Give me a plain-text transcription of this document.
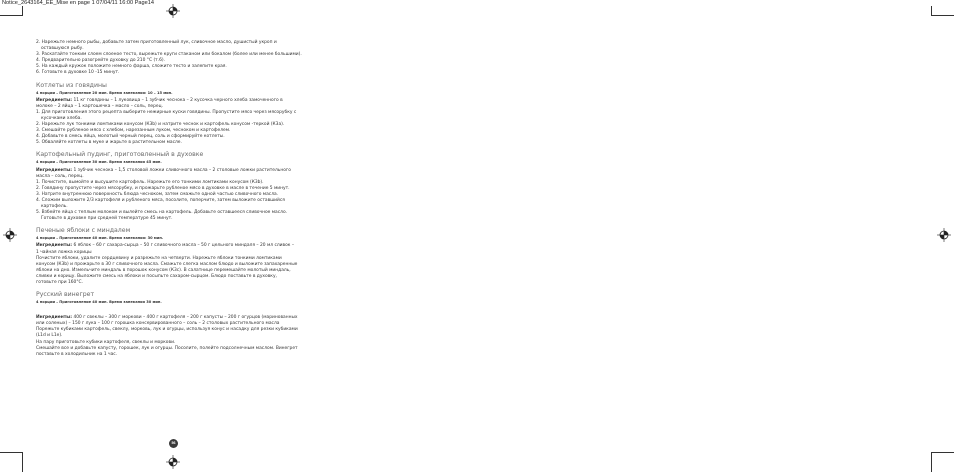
Notice_2643164_EE_Mise en page 1 07/04/11 16:00 Page14

2. Нарежьте немного рыбы, добавьте затем приготовленный лук, сливочное масло, душистый укроп и

оставшуюся рыбу.

3. Раскатайте тонким слоем слоеное тесто, вырежьте круги стаканом или бокалом (более или менее большими).

4. Предварительно разогрейте духовку до 210 °C (т.6).

5. На каждый кружок положите немного фарша, сложите тесто и залепите края.

6. Готовьте в духовке 10 -15 минут.

Котлеты из говядины
4 порции – Приготовление 20 мин. Время запекания: 10 – 15 мин.

Ингредиенты: 11 кг говядины – 1 луковица – 1 зубчик чеснока – 2 кусочка черного хлеба замоченного в

молоке – 2 яйца – 1 картошечка – масло – соль, перец.

1. Для приготовления этого рецепта выберите нежирные куски говядины. Пропустите мясо через мясорубку с

кусочками хлеба.

2. Нарежьте лук тонкими ломтиками конусом (К3b) и натрите чеснок и картофель конусом -теркой (К3a).

3. Смешайте рубленое мясо с хлебом, нарезанным луком, чесноком и картофелем.

4. Добавьте в смесь яйца, молотый черный перец, соль и сформируйте котлеты.

5. Обваляйте котлеты в муке и жарьте в растительном масле.

Картофельный пудинг, приготовленный в духовке
4 порции – Приготовление 30 мин. Время запекания 45 мин.

Ингредиенты: 1 зубчик чеснока – 1,5 столовой ложки сливочного масла – 2 столовые ложки растительного

масла – соль, перец.

1. Почистите, вымойте и высушите картофель. Нарежьте его тонкими ломтиками конусом (К3b).

2. Говядину пропустите через мясорубку, и прожарьте рубленое мясо в духовке в масле в течение 5 минут.

3. Натрите внутреннюю поверхность блюда чесноком, затем смажьте одной частью сливочного масла.

4. Сложим выложите 2/3 картофеля и рубленого мяса, посолите, поперчите, затем выложите оставшийся

картофель.

5. Взбейте яйца с теплым молоком и вылейте смесь на картофель. Добавьте оставшееся сливочное масло.

Готовьте в духовке при средней температуре 45 минут.

Печеные яблоки с миндалем
4 порции – Приготовление 40 мин. Время запекания: 30 мин.

Ингредиенты: 6 яблок – 60 г сахара-сырца – 50 г сливочного масла – 50 г цельного миндаля – 20 мл сливок –

1 чайная ложка корицы

Почистите яблоки, удалите сердцевину и разрежьте на четверти. Нарежьте яблоки тонкими ломтиками

конусом (К3b) и прожарьте в 30 г сливочного масла. Смажьте слегка маслом блюдо и выложите запахаренные

яблоки на дно. Измельчите миндаль в порошок конусом (К3c). В салатнице перемешайте молотый миндаль,

сливки и корицу. Выложите смесь на яблоки и посыпьте сахаром-сырцом. Блюдо поставьте в духовку,

готовьте при 160°С.

Русский винегрет
4 порции – Приготовление 40 мин. Время запекания 30 мин.

Ингредиенты: 400 г свеклы – 300 г моркови – 400 г картофеля – 200 г капусты – 200 г огурцов (маринованных

или соленых) – 150 г лука – 100 г горошка консервированного – соль – 2 столовых растительного масла

Порежьте кубиками картофель, свеклу, морковь, лук и огурцы, используя конус и насадку для резки кубиками

(L1d и L1e).

На пару приготовьте кубики картофеля, свеклы и моркови.

Смешайте все и добавьте капусту, горошек, лук и огурцы. Посолите, полейте подсолнечным маслом. Винегрет

поставьте в холодильник на 1 час.

56
